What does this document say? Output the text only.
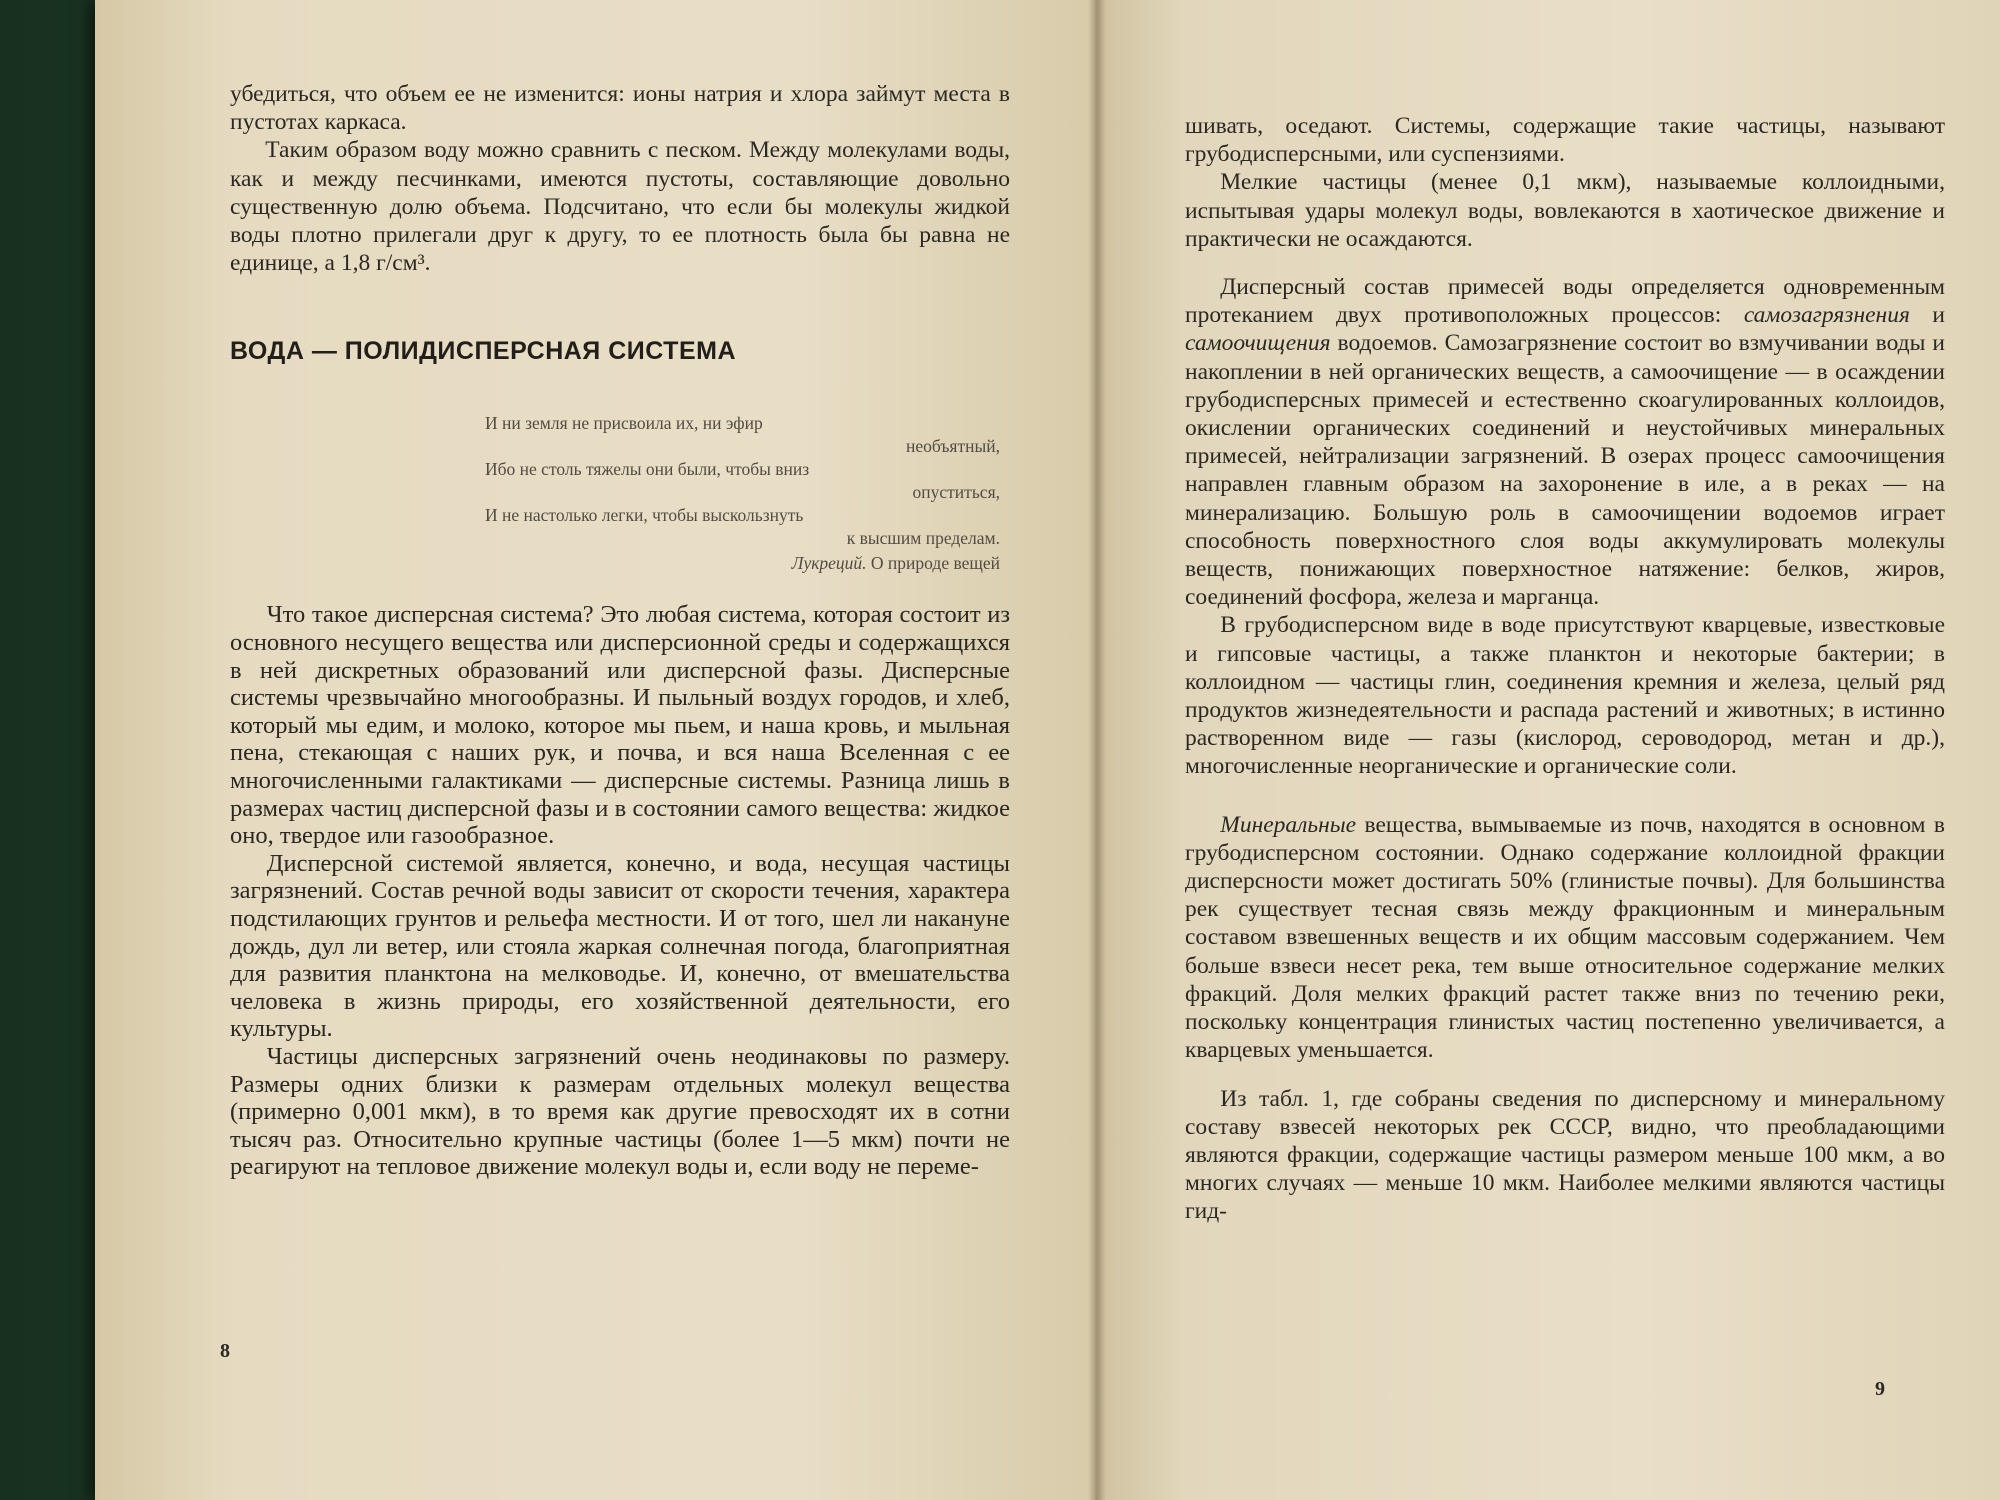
убедиться, что объем ее не изменится: ионы натрия и хлора займут места в пустотах каркаса.

Таким образом воду можно сравнить с песком. Между молекулами воды, как и между песчинками, имеются пустоты, составляющие довольно существенную долю объема. Подсчитано, что если бы молекулы жидкой воды плотно прилегали друг к другу, то ее плотность была бы равна не единице, а 1,8 г/см³.

ВОДА — ПОЛИДИСПЕРСНАЯ СИСТЕМА

И ни земля не присвоила их, ни эфир

необъятный,

Ибо не столь тяжелы они были, чтобы вниз

опуститься,

И не настолько легки, чтобы выскользнуть

к высшим пределам.

Лукреций. О природе вещей

Что такое дисперсная система? Это любая система, которая состоит из основного несущего вещества или дисперсионной среды и содержащихся в ней дискретных образований или дисперсной фазы. Дисперсные системы чрезвычайно многообразны. И пыльный воздух городов, и хлеб, который мы едим, и молоко, которое мы пьем, и наша кровь, и мыльная пена, стекающая с наших рук, и почва, и вся наша Вселенная с ее многочисленными галактиками — дисперсные системы. Разница лишь в размерах частиц дисперсной фазы и в состоянии самого вещества: жидкое оно, твердое или газообразное.

Дисперсной системой является, конечно, и вода, несущая частицы загрязнений. Состав речной воды зависит от скорости течения, характера подстилающих грунтов и рельефа местности. И от того, шел ли накануне дождь, дул ли ветер, или стояла жаркая солнечная погода, благоприятная для развития планктона на мелководье. И, конечно, от вмешательства человека в жизнь природы, его хозяйственной деятельности, его культуры.

Частицы дисперсных загрязнений очень неодинаковы по размеру. Размеры одних близки к размерам отдельных молекул вещества (примерно 0,001 мкм), в то время как другие превосходят их в сотни тысяч раз. Относительно крупные частицы (более 1—5 мкм) почти не реагируют на тепловое движение молекул воды и, если воду не переме-

8

шивать, оседают. Системы, содержащие такие частицы, называют грубодисперсными, или суспензиями.

Мелкие частицы (менее 0,1 мкм), называемые коллоидными, испытывая удары молекул воды, вовлекаются в хаотическое движение и практически не осаждаются.

Дисперсный состав примесей воды определяется одновременным протеканием двух противоположных процессов: самозагрязнения и самоочищения водоемов. Самозагрязнение состоит во взмучивании воды и накоплении в ней органических веществ, а самоочищение — в осаждении грубодисперсных примесей и естественно скоагулированных коллоидов, окислении органических соединений и неустойчивых минеральных примесей, нейтрализации загрязнений. В озерах процесс самоочищения направлен главным образом на захоронение в иле, а в реках — на минерализацию. Большую роль в самоочищении водоемов играет способность поверхностного слоя воды аккумулировать молекулы веществ, понижающих поверхностное натяжение: белков, жиров, соединений фосфора, железа и марганца.

В грубодисперсном виде в воде присутствуют кварцевые, известковые и гипсовые частицы, а также планктон и некоторые бактерии; в коллоидном — частицы глин, соединения кремния и железа, целый ряд продуктов жизнедеятельности и распада растений и животных; в истинно растворенном виде — газы (кислород, сероводород, метан и др.), многочисленные неорганические и органические соли.

Минеральные вещества, вымываемые из почв, находятся в основном в грубодисперсном состоянии. Однако содержание коллоидной фракции дисперсности может достигать 50% (глинистые почвы). Для большинства рек существует тесная связь между фракционным и минеральным составом взвешенных веществ и их общим массовым содержанием. Чем больше взвеси несет река, тем выше относительное содержание мелких фракций. Доля мелких фракций растет также вниз по течению реки, поскольку концентрация глинистых частиц постепенно увеличивается, а кварцевых уменьшается.

Из табл. 1, где собраны сведения по дисперсному и минеральному составу взвесей некоторых рек СССР, видно, что преобладающими являются фракции, содержащие частицы размером меньше 100 мкм, а во многих случаях — меньше 10 мкм. Наиболее мелкими являются частицы гид-

9
